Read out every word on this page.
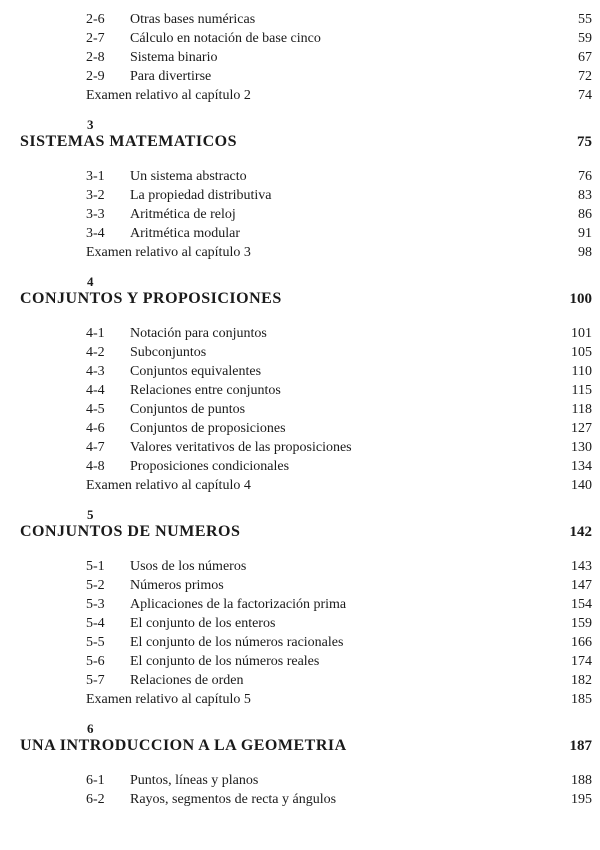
2-6	Otras bases numéricas	55
2-7	Cálculo en notación de base cinco	59
2-8	Sistema binario	67
2-9	Para divertirse	72
Examen relativo al capítulo 2	74
3
SISTEMAS MATEMATICOS	75
3-1	Un sistema abstracto	76
3-2	La propiedad distributiva	83
3-3	Aritmética de reloj	86
3-4	Aritmética modular	91
Examen relativo al capítulo 3	98
4
CONJUNTOS Y PROPOSICIONES	100
4-1	Notación para conjuntos	101
4-2	Subconjuntos	105
4-3	Conjuntos equivalentes	110
4-4	Relaciones entre conjuntos	115
4-5	Conjuntos de puntos	118
4-6	Conjuntos de proposiciones	127
4-7	Valores veritativos de las proposiciones	130
4-8	Proposiciones condicionales	134
Examen relativo al capítulo 4	140
5
CONJUNTOS DE NUMEROS	142
5-1	Usos de los números	143
5-2	Números primos	147
5-3	Aplicaciones de la factorización prima	154
5-4	El conjunto de los enteros	159
5-5	El conjunto de los números racionales	166
5-6	El conjunto de los números reales	174
5-7	Relaciones de orden	182
Examen relativo al capítulo 5	185
6
UNA INTRODUCCION A LA GEOMETRIA	187
6-1	Puntos, líneas y planos	188
6-2	Rayos, segmentos de recta y ángulos	195
